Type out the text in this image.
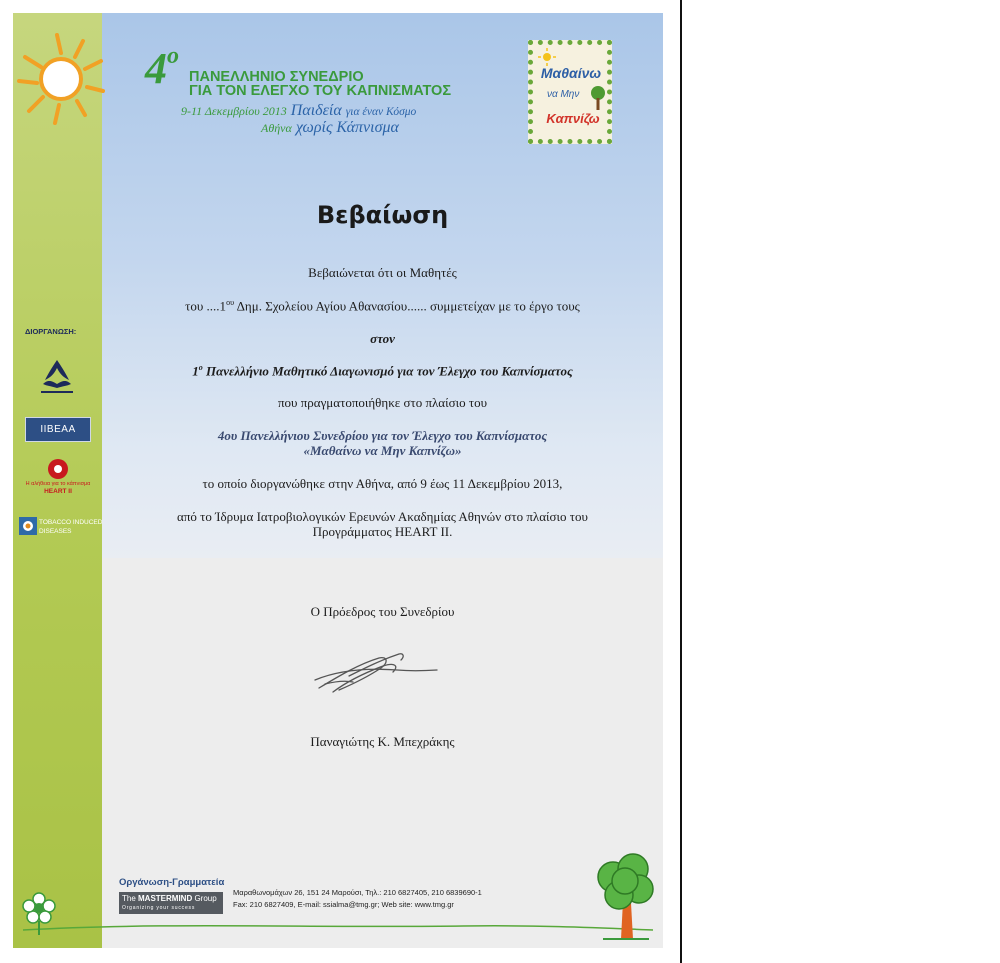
4ο
ΠΑΝΕΛΛΗΝΙΟ ΣΥΝΕΔΡΙΟ
ΓΙΑ ΤΟΝ ΕΛΕΓΧΟ ΤΟΥ ΚΑΠΝΙΣΜΑΤΟΣ
9-11 Δεκεμβρίου 2013 Παιδεία για έναν Κόσμο
Αθήνα χωρίς Κάπνισμα
Μαθαίνω
να Μην
Καπνίζω
Βεβαίωση
Βεβαιώνεται ότι οι Μαθητές
του $....1^{o\upsilon}$ Δημ. Σχολείου Αγίου Αθανασίου...... συμμετείχαν με το έργο τους
στον
$1^o$ Πανελλήνιο Μαθητικό Διαγωνισμό για τον Έλεγχο του Καπνίσματος
που πραγματοποιήθηκε στο πλαίσιο του
4ου Πανελλήνιου Συνεδρίου για τον Έλεγχο του Καπνίσματος
«Μαθαίνω να Μην Καπνίζω»
το οποίο διοργανώθηκε στην Αθήνα, από 9 έως 11 Δεκεμβρίου 2013,
από το Ίδρυμα Ιατροβιολογικών Ερευνών Ακαδημίας Αθηνών στο πλαίσιο του
Προγράμματος HEART II.
Ο Πρόεδρος του Συνεδρίου
Παναγιώτης Κ. Μπεχράκης
ΔΙΟΡΓΑΝΩΣΗ:
IIBEAA
Η αλήθεια για το κάπνισμα
HEART II
TOBACCO INDUCED
DISEASES
Οργάνωση-Γραμματεία
The MASTERMIND Group
Organizing your success
Μαραθωνομάχων 26, 151 24 Μαρούσι, Τηλ.: 210 6827405, 210 6839690-1
Fax: 210 6827409, E-mail: ssialma@tmg.gr; Web site: www.tmg.gr
